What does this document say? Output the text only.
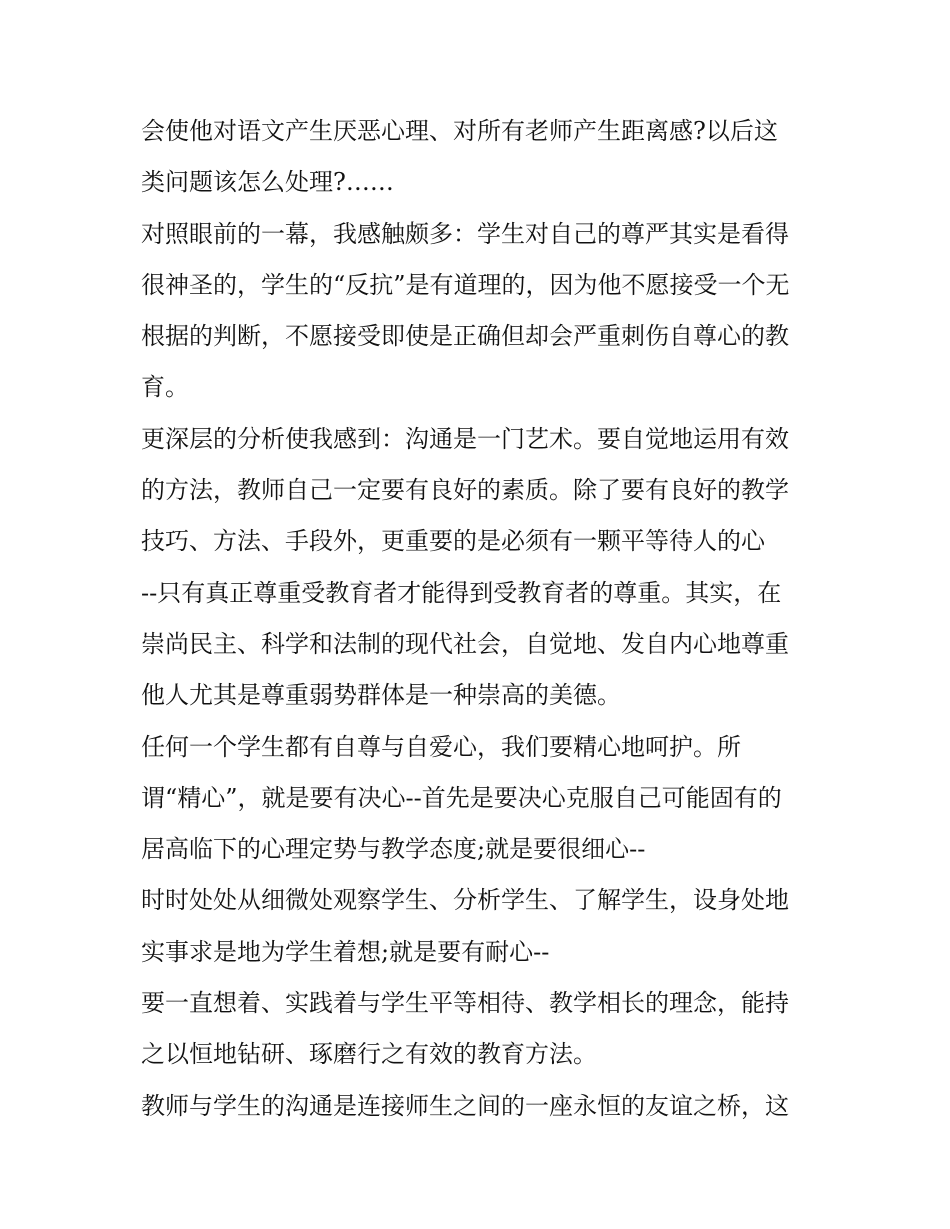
会使他对语文产生厌恶心理、对所有老师产生距离感?以后这
类问题该怎么处理?……
对照眼前的一幕，我感触颇多：学生对自己的尊严其实是看得
很神圣的，学生的“反抗”是有道理的，因为他不愿接受一个无
根据的判断，不愿接受即使是正确但却会严重刺伤自尊心的教
育。
更深层的分析使我感到：沟通是一门艺术。要自觉地运用有效
的方法，教师自己一定要有良好的素质。除了要有良好的教学
技巧、方法、手段外，更重要的是必须有一颗平等待人的心
--只有真正尊重受教育者才能得到受教育者的尊重。其实，在
崇尚民主、科学和法制的现代社会，自觉地、发自内心地尊重
他人尤其是尊重弱势群体是一种崇高的美德。
任何一个学生都有自尊与自爱心，我们要精心地呵护。所
谓“精心”，就是要有决心--首先是要决心克服自己可能固有的
居高临下的心理定势与教学态度;就是要很细心--
时时处处从细微处观察学生、分析学生、了解学生，设身处地
实事求是地为学生着想;就是要有耐心--
要一直想着、实践着与学生平等相待、教学相长的理念，能持
之以恒地钻研、琢磨行之有效的教育方法。
教师与学生的沟通是连接师生之间的一座永恒的友谊之桥，这
